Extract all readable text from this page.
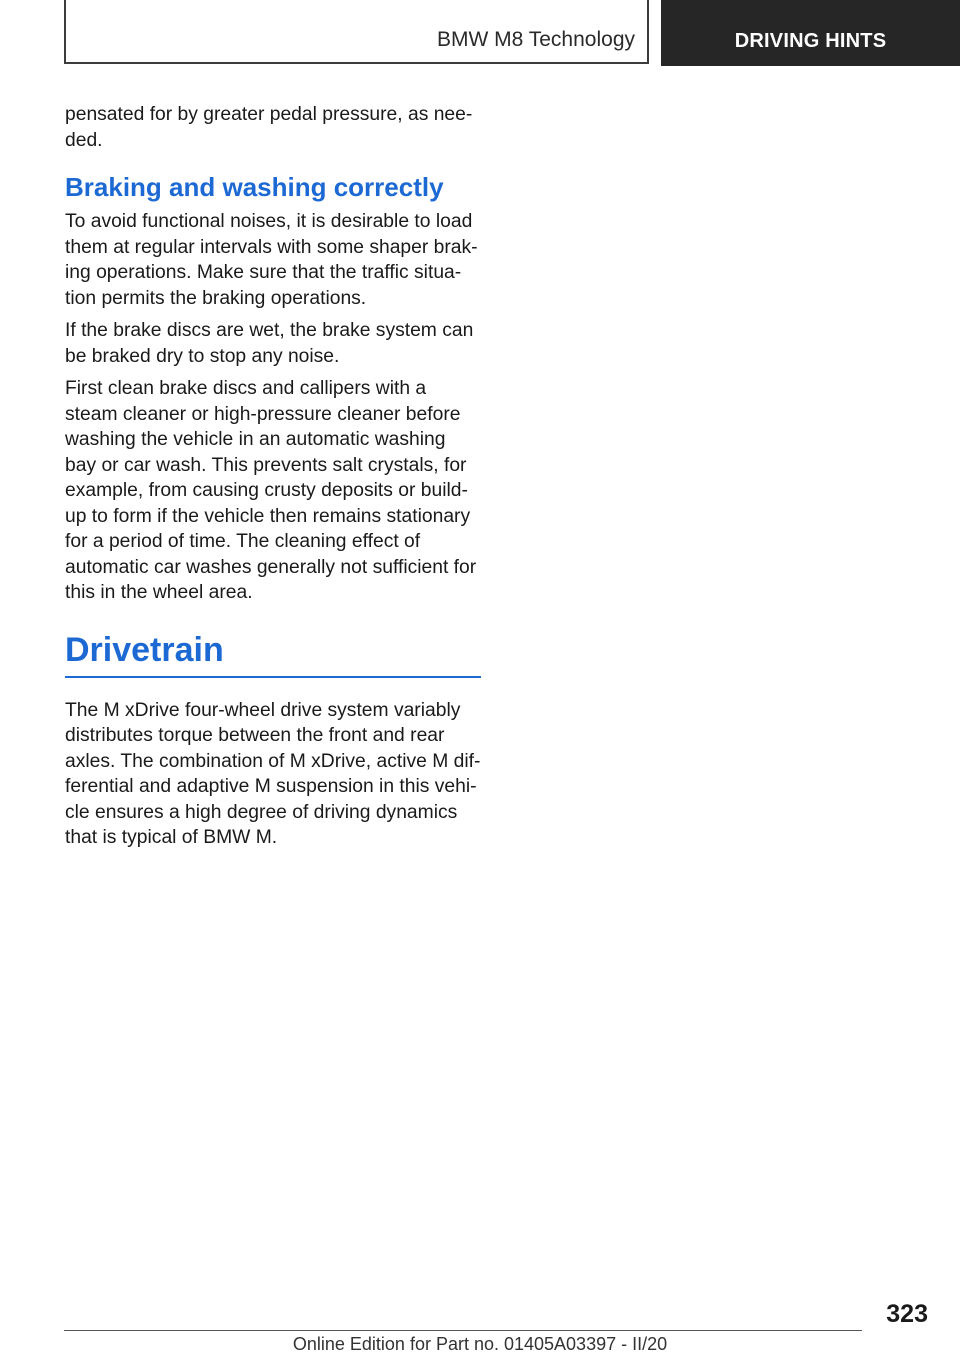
BMW M8 Technology	DRIVING HINTS

pensated for by greater pedal pressure, as nee-ded.

Braking and washing correctly

To avoid functional noises, it is desirable to load them at regular intervals with some shaper brak-ing operations. Make sure that the traffic situa-tion permits the braking operations.

If the brake discs are wet, the brake system can be braked dry to stop any noise.

First clean brake discs and callipers with a steam cleaner or high-pressure cleaner before washing the vehicle in an automatic washing bay or car wash. This prevents salt crystals, for example, from causing crusty deposits or build-up to form if the vehicle then remains stationary for a period of time. The cleaning effect of automatic car washes generally not sufficient for this in the wheel area.

Drivetrain

The M xDrive four-wheel drive system variably distributes torque between the front and rear axles. The combination of M xDrive, active M dif-ferential and adaptive M suspension in this vehi-cle ensures a high degree of driving dynamics that is typical of BMW M.

323
Online Edition for Part no. 01405A03397 - II/20
